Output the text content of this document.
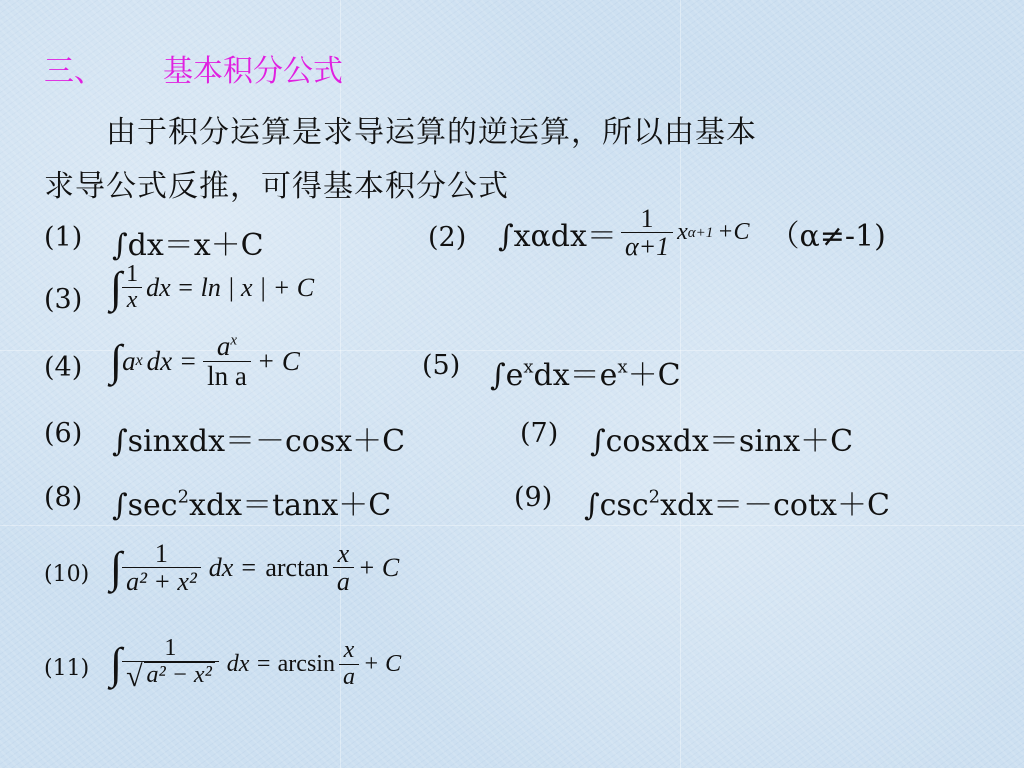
三、 基本积分公式
由于积分运算是求导运算的逆运算，所以由基本
求导公式反推，可得基本积分公式
(1) ∫dx＝x＋C	(2) $\int x\alpha dx= \frac{1}{\alpha+1}$ x α+1 +C （α≠-1)
(3) ∫ $\frac{1}{x}$ dx = ln | x | + C
(4) ∫ a x dx = $\frac{a^x}{\text{ln a}} + C$	(5) $\int e^xdx=e^x+C$
(6) ∫sinxdx＝－cosx＋C	(7) ∫cosxdx＝sinx＋C
(8) $\int\sec^2xdx=\tan x+C$	(9) $\int\csc^2xdx=-\cot x+C$
(10) ∫ $\frac{1}{\text{a² + x²}}$ dx = $\arctan \frac{x}{a} + C$
(11) ∫ $\frac{1}{\text{√ a² − x²}}$ dx = $\arcsin \frac{x}{a} + C$
